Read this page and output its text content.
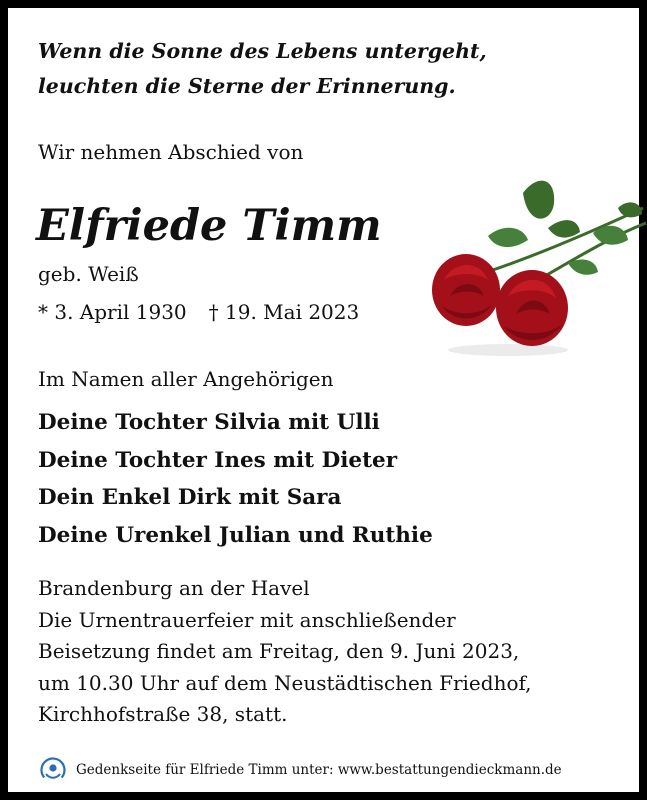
Wenn die Sonne des Lebens untergeht,
leuchten die Sterne der Erinnerung.
Wir nehmen Abschied von
Elfriede Timm
geb. Weiß
* 3. April 1930 † 19. Mai 2023
Im Namen aller Angehörigen
Deine Tochter Silvia mit Ulli
Deine Tochter Ines mit Dieter
Dein Enkel Dirk mit Sara
Deine Urenkel Julian und Ruthie
Brandenburg an der Havel
Die Urnentrauerfeier mit anschließender
Beisetzung findet am Freitag, den 9. Juni 2023,
um 10.30 Uhr auf dem Neustädtischen Friedhof,
Kirchhofstraße 38, statt.
Gedenkseite für Elfriede Timm unter: www.bestattungendieckmann.de
